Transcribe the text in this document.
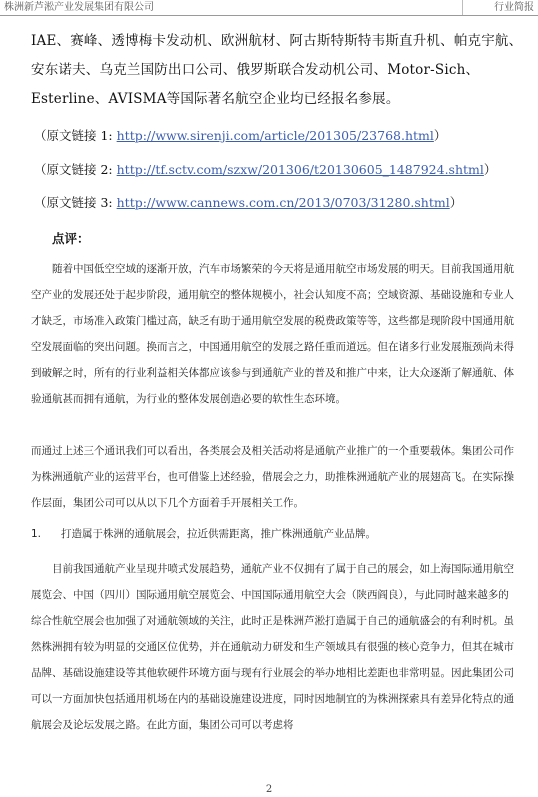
株洲新芦淞产业发展集团有限公司	行业简报
IAE、赛峰、透博梅卡发动机、欧洲航材、阿古斯特斯特韦斯直升机、帕克宇航、安东诺夫、乌克兰国防出口公司、俄罗斯联合发动机公司、Motor-Sich、Esterline、AVISMA等国际著名航空企业均已经报名参展。
（原文链接 1: http://www.sirenji.com/article/201305/23768.html）
（原文链接 2: http://tf.sctv.com/szxw/201306/t20130605_1487924.shtml）
（原文链接 3: http://www.cannews.com.cn/2013/0703/31280.shtml）
点评：
随着中国低空空域的逐渐开放，汽车市场繁荣的今天将是通用航空市场发展的明天。目前我国通用航空产业的发展还处于起步阶段，通用航空的整体规模小，社会认知度不高；空域资源、基础设施和专业人才缺乏，市场准入政策门槛过高，缺乏有助于通用航空发展的税费政策等等，这些都是现阶段中国通用航空发展面临的突出问题。换而言之，中国通用航空的发展之路任重而道远。但在诸多行业发展瓶颈尚未得到破解之时，所有的行业利益相关体都应该参与到通航产业的普及和推广中来，让大众逐渐了解通航、体验通航甚而拥有通航，为行业的整体发展创造必要的软性生态环境。
而通过上述三个通讯我们可以看出，各类展会及相关活动将是通航产业推广的一个重要载体。集团公司作为株洲通航产业的运营平台，也可借鉴上述经验，借展会之力，助推株洲通航产业的展翅高飞。在实际操作层面，集团公司可以从以下几个方面着手开展相关工作。
1. 打造属于株洲的通航展会，拉近供需距离，推广株洲通航产业品牌。
目前我国通航产业呈现井喷式发展趋势，通航产业不仅拥有了属于自己的展会，如上海国际通用航空展览会、中国（四川）国际通用航空展览会、中国国际通用航空大会（陕西阎良），与此同时越来越多的综合性航空展会也加强了对通航领域的关注，此时正是株洲芦淞打造属于自己的通航盛会的有利时机。虽然株洲拥有较为明显的交通区位优势，并在通航动力研发和生产领域具有很强的核心竞争力，但其在城市品牌、基础设施建设等其他软硬件环境方面与现有行业展会的举办地相比差距也非常明显。因此集团公司可以一方面加快包括通用机场在内的基础设施建设进度，同时因地制宜的为株洲探索具有差异化特点的通航展会及论坛发展之路。在此方面，集团公司可以考虑将
2
